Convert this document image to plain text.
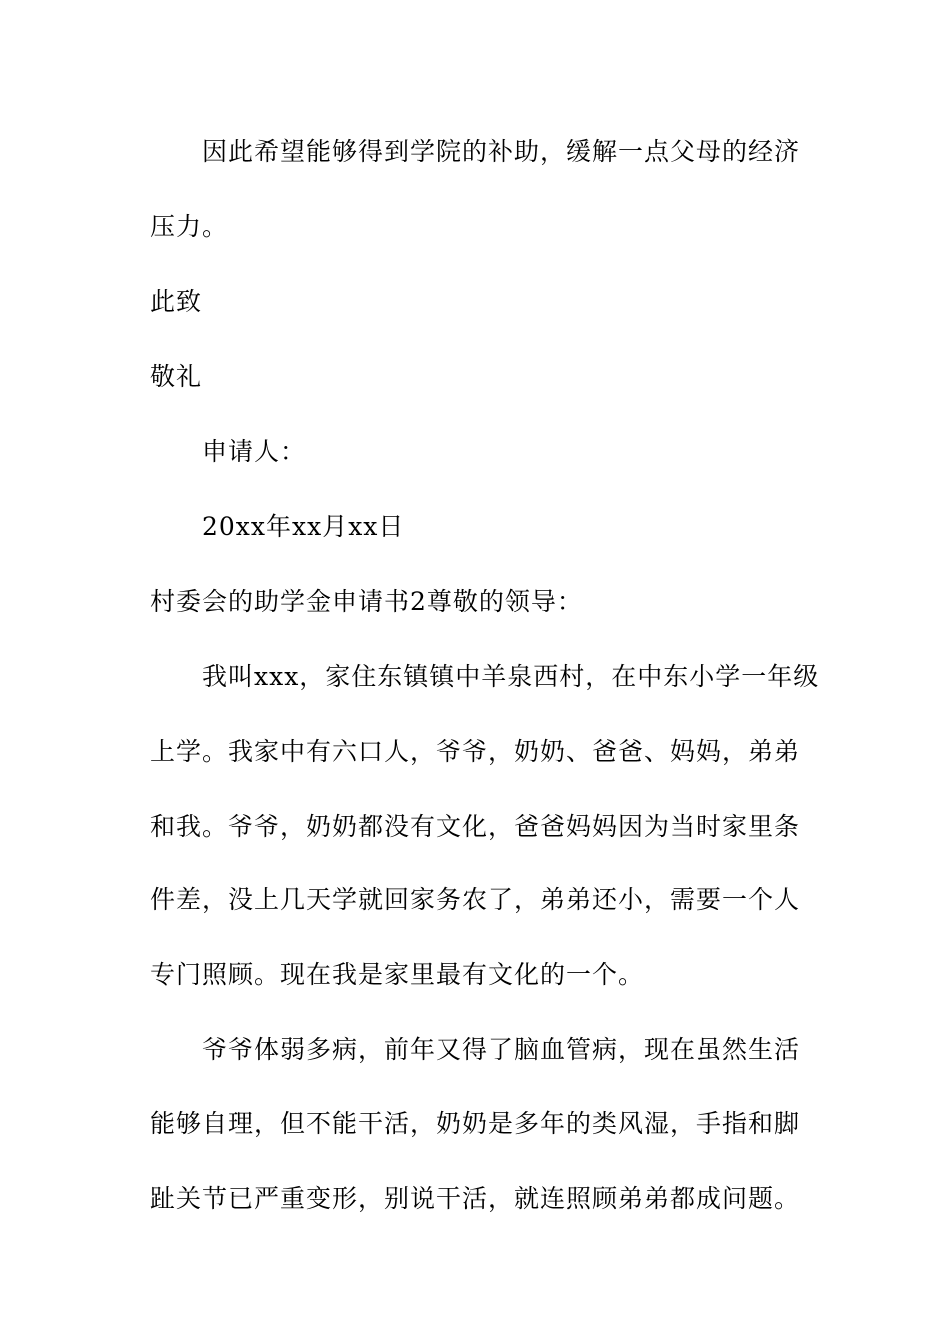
因此希望能够得到学院的补助，缓解一点父母的经济
压力。
此致
敬礼
申请人：
20xx年xx月xx日
村委会的助学金申请书2尊敬的领导：
我叫xxx，家住东镇镇中羊泉西村，在中东小学一年级
上学。我家中有六口人，爷爷，奶奶、爸爸、妈妈，弟弟
和我。爷爷，奶奶都没有文化，爸爸妈妈因为当时家里条
件差，没上几天学就回家务农了，弟弟还小，需要一个人
专门照顾。现在我是家里最有文化的一个。
爷爷体弱多病，前年又得了脑血管病，现在虽然生活
能够自理，但不能干活，奶奶是多年的类风湿，手指和脚
趾关节已严重变形，别说干活，就连照顾弟弟都成问题。
